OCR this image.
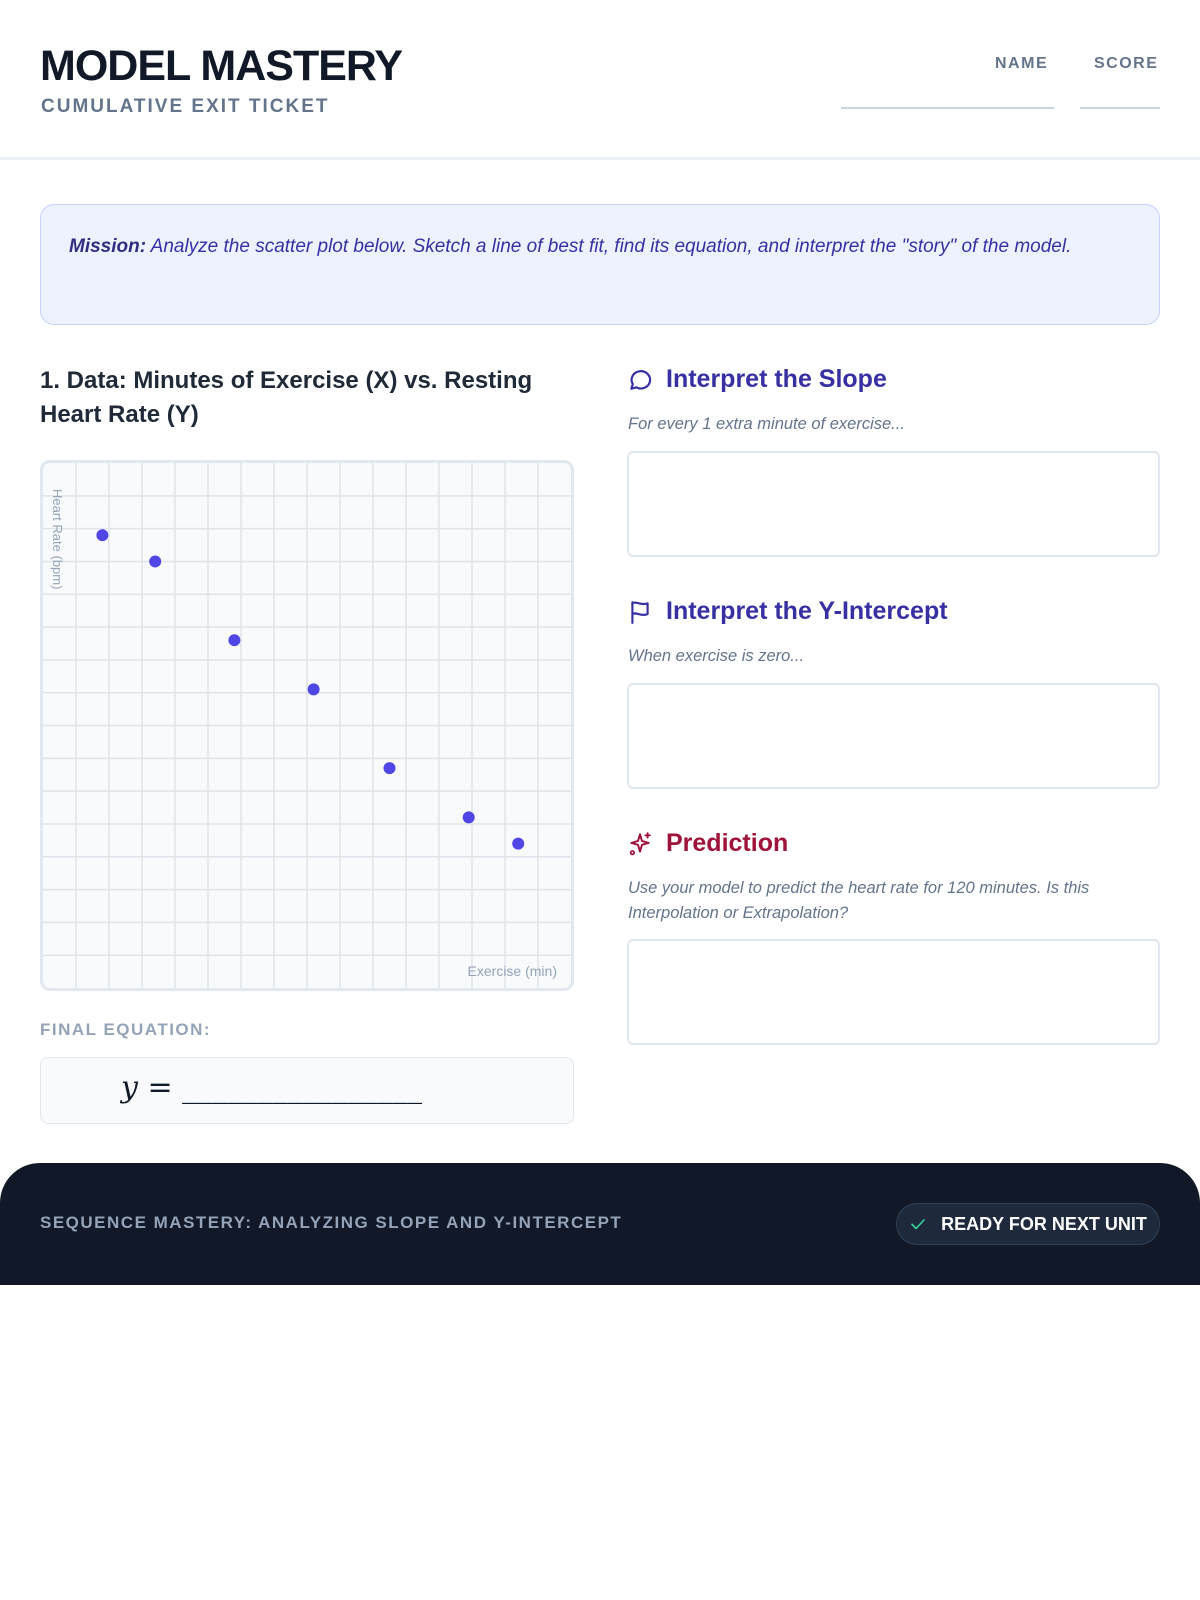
MODEL MASTERY
CUMULATIVE EXIT TICKET
NAME	SCORE
Mission: Analyze the scatter plot below. Sketch a line of best fit, find its equation, and interpret the "story" of the model.
1. Data: Minutes of Exercise (X) vs. Resting Heart Rate (Y)
Heart Rate (bpm)
Exercise (min)
FINAL EQUATION:
y = ________________
Interpret the Slope
For every 1 extra minute of exercise...
Interpret the Y-Intercept
When exercise is zero...
Prediction
Use your model to predict the heart rate for 120 minutes. Is this Interpolation or Extrapolation?
SEQUENCE MASTERY: ANALYZING SLOPE AND Y-INTERCEPT	READY FOR NEXT UNIT
